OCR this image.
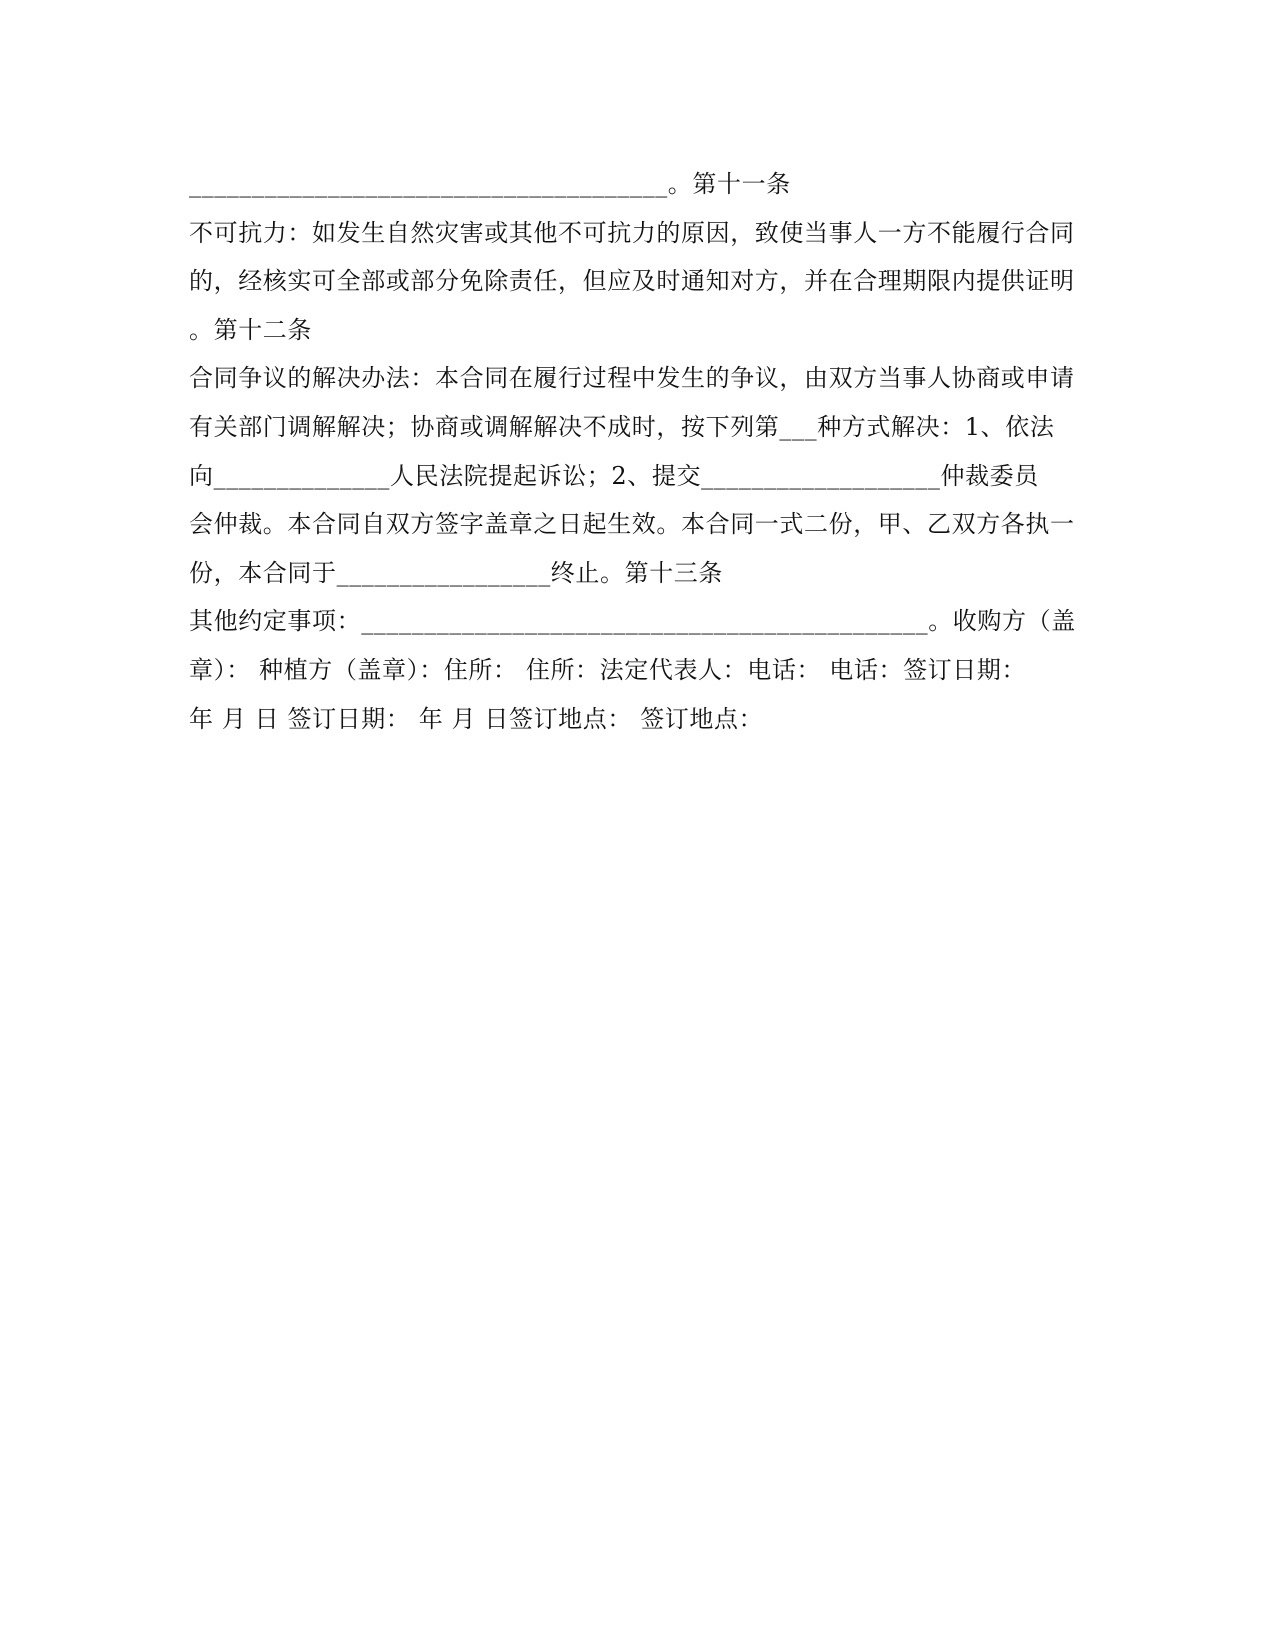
______________________________________。第十一条
不可抗力：如发生自然灾害或其他不可抗力的原因，致使当事人一方不能履行合同
的，经核实可全部或部分免除责任，但应及时通知对方，并在合理期限内提供证明
。第十二条
合同争议的解决办法：本合同在履行过程中发生的争议，由双方当事人协商或申请
有关部门调解解决；协商或调解解决不成时，按下列第___种方式解决：1、依法
向______________人民法院提起诉讼；2、提交___________________仲裁委员
会仲裁。本合同自双方签字盖章之日起生效。本合同一式二份，甲、乙双方各执一
份，本合同于_________________终止。第十三条
其他约定事项：_____________________________________________。收购方（盖
章）： 种植方（盖章）：住所： 住所：法定代表人：电话： 电话：签订日期：
年 月 日 签订日期： 年 月 日签订地点： 签订地点：
